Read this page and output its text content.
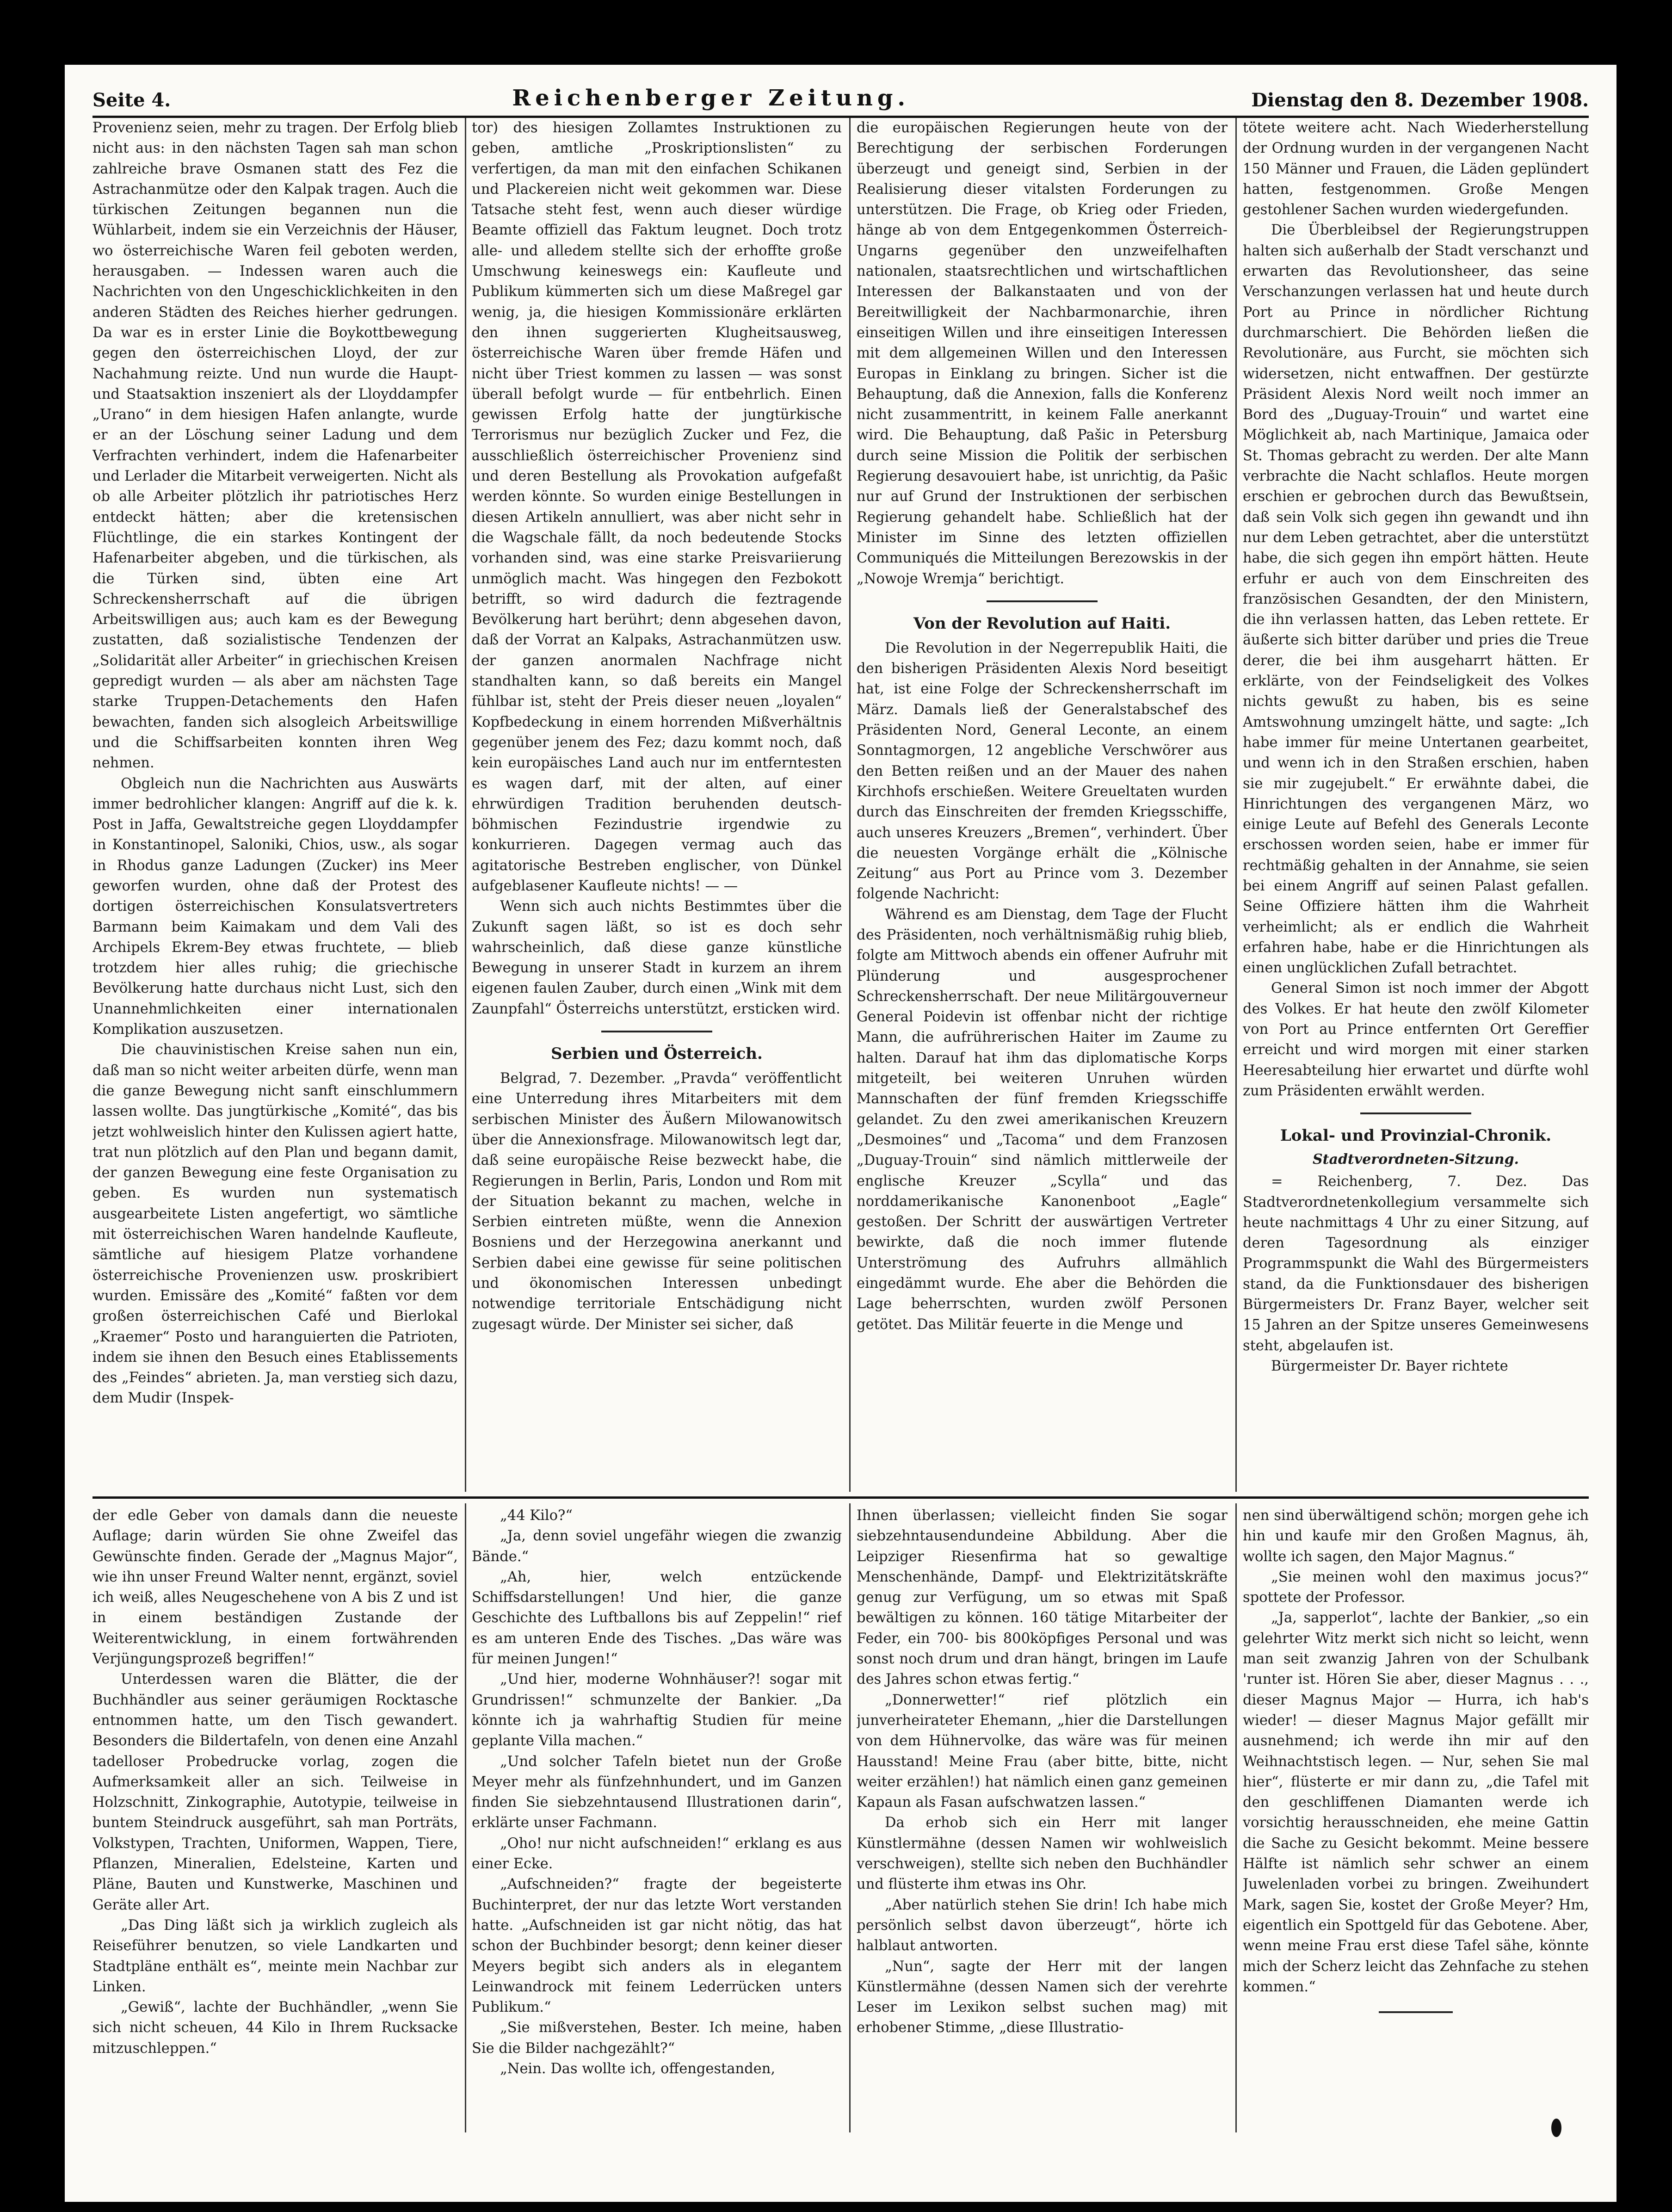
Seite 4.	Reichenberger Zeitung.	Dienstag den 8. Dezember 1908.

Provenienz seien, mehr zu tragen. Der Erfolg blieb nicht aus: in den nächsten Tagen sah man schon zahlreiche brave Osmanen statt des Fez die Astrachanmütze oder den Kalpak tragen. Auch die türkischen Zeitungen begannen nun die Wühlarbeit, indem sie ein Verzeichnis der Häuser, wo österreichische Waren feil geboten werden, herausgaben. — Indessen waren auch die Nachrichten von den Ungeschicklichkeiten in den anderen Städten des Reiches hierher gedrungen. Da war es in erster Linie die Boykottbewegung gegen den österreichischen Lloyd, der zur Nachahmung reizte. Und nun wurde die Haupt- und Staatsaktion inszeniert als der Lloyddampfer „Urano“ in dem hiesigen Hafen anlangte, wurde er an der Löschung seiner Ladung und dem Verfrachten verhindert, indem die Hafenarbeiter und Lerlader die Mitarbeit verweigerten. Nicht als ob alle Arbeiter plötzlich ihr patriotisches Herz entdeckt hätten; aber die kretensischen Flüchtlinge, die ein starkes Kontingent der Hafenarbeiter abgeben, und die türkischen, als die Türken sind, übten eine Art Schreckensherrschaft auf die übrigen Arbeitswilligen aus; auch kam es der Bewegung zustatten, daß sozialistische Tendenzen der „Solidarität aller Arbeiter“ in griechischen Kreisen gepredigt wurden — als aber am nächsten Tage starke Truppen-Detachements den Hafen bewachten, fanden sich alsogleich Arbeitswillige und die Schiffsarbeiten konnten ihren Weg nehmen.

Obgleich nun die Nachrichten aus Auswärts immer bedrohlicher klangen: Angriff auf die k. k. Post in Jaffa, Gewaltstreiche gegen Lloyddampfer in Konstantinopel, Saloniki, Chios, usw., als sogar in Rhodus ganze Ladungen (Zucker) ins Meer geworfen wurden, ohne daß der Protest des dortigen österreichischen Konsulatsvertreters Barmann beim Kaimakam und dem Vali des Archipels Ekrem-Bey etwas fruchtete, — blieb trotzdem hier alles ruhig; die griechische Bevölkerung hatte durchaus nicht Lust, sich den Unannehmlichkeiten einer internationalen Komplikation auszusetzen.

Die chauvinistischen Kreise sahen nun ein, daß man so nicht weiter arbeiten dürfe, wenn man die ganze Bewegung nicht sanft einschlummern lassen wollte. Das jungtürkische „Komité“, das bis jetzt wohlweislich hinter den Kulissen agiert hatte, trat nun plötzlich auf den Plan und begann damit, der ganzen Bewegung eine feste Organisation zu geben. Es wurden nun systematisch ausgearbeitete Listen angefertigt, wo sämtliche mit österreichischen Waren handelnde Kaufleute, sämtliche auf hiesigem Platze vorhandene österreichische Provenienzen usw. proskribiert wurden. Emissäre des „Komité“ faßten vor dem großen österreichischen Café und Bierlokal „Kraemer“ Posto und haranguierten die Patrioten, indem sie ihnen den Besuch eines Etablissements des „Feindes“ abrieten. Ja, man verstieg sich dazu, dem Mudir (Inspek-

tor) des hiesigen Zollamtes Instruktionen zu geben, amtliche „Proskriptionslisten“ zu verfertigen, da man mit den einfachen Schikanen und Plackereien nicht weit gekommen war. Diese Tatsache steht fest, wenn auch dieser würdige Beamte offiziell das Faktum leugnet. Doch trotz alle- und alledem stellte sich der erhoffte große Umschwung keineswegs ein: Kaufleute und Publikum kümmerten sich um diese Maßregel gar wenig, ja, die hiesigen Kommissionäre erklärten den ihnen suggerierten Klugheitsausweg, österreichische Waren über fremde Häfen und nicht über Triest kommen zu lassen — was sonst überall befolgt wurde — für entbehrlich. Einen gewissen Erfolg hatte der jungtürkische Terrorismus nur bezüglich Zucker und Fez, die ausschließlich österreichischer Provenienz sind und deren Bestellung als Provokation aufgefaßt werden könnte. So wurden einige Bestellungen in diesen Artikeln annulliert, was aber nicht sehr in die Wagschale fällt, da noch bedeutende Stocks vorhanden sind, was eine starke Preisvariierung unmöglich macht. Was hingegen den Fezbokott betrifft, so wird dadurch die feztragende Bevölkerung hart berührt; denn abgesehen davon, daß der Vorrat an Kalpaks, Astrachanmützen usw. der ganzen anormalen Nachfrage nicht standhalten kann, so daß bereits ein Mangel fühlbar ist, steht der Preis dieser neuen „loyalen“ Kopfbedeckung in einem horrenden Mißverhältnis gegenüber jenem des Fez; dazu kommt noch, daß kein europäisches Land auch nur im entferntesten es wagen darf, mit der alten, auf einer ehrwürdigen Tradition beruhenden deutsch-böhmischen Fezindustrie irgendwie zu konkurrieren. Dagegen vermag auch das agitatorische Bestreben englischer, von Dünkel aufgeblasener Kaufleute nichts! — —

Wenn sich auch nichts Bestimmtes über die Zukunft sagen läßt, so ist es doch sehr wahrscheinlich, daß diese ganze künstliche Bewegung in unserer Stadt in kurzem an ihrem eigenen faulen Zauber, durch einen „Wink mit dem Zaunpfahl“ Österreichs unterstützt, ersticken wird.

Serbien und Österreich.

Belgrad, 7. Dezember. „Pravda“ veröffentlicht eine Unterredung ihres Mitarbeiters mit dem serbischen Minister des Äußern Milowanowitsch über die Annexionsfrage. Milowanowitsch legt dar, daß seine europäische Reise bezweckt habe, die Regierungen in Berlin, Paris, London und Rom mit der Situation bekannt zu machen, welche in Serbien eintreten müßte, wenn die Annexion Bosniens und der Herzegowina anerkannt und Serbien dabei eine gewisse für seine politischen und ökonomischen Interessen unbedingt notwendige territoriale Entschädigung nicht zugesagt würde. Der Minister sei sicher, daß

die europäischen Regierungen heute von der Berechtigung der serbischen Forderungen überzeugt und geneigt sind, Serbien in der Realisierung dieser vitalsten Forderungen zu unterstützen. Die Frage, ob Krieg oder Frieden, hänge ab von dem Entgegenkommen Österreich-Ungarns gegenüber den unzweifelhaften nationalen, staatsrechtlichen und wirtschaftlichen Interessen der Balkanstaaten und von der Bereitwilligkeit der Nachbarmonarchie, ihren einseitigen Willen und ihre einseitigen Interessen mit dem allgemeinen Willen und den Interessen Europas in Einklang zu bringen. Sicher ist die Behauptung, daß die Annexion, falls die Konferenz nicht zusammentritt, in keinem Falle anerkannt wird. Die Behauptung, daß Pašic in Petersburg durch seine Mission die Politik der serbischen Regierung desavouiert habe, ist unrichtig, da Pašic nur auf Grund der Instruktionen der serbischen Regierung gehandelt habe. Schließlich hat der Minister im Sinne des letzten offiziellen Communiqués die Mitteilungen Berezowskis in der „Nowoje Wremja“ berichtigt.

Von der Revolution auf Haiti.

Die Revolution in der Negerrepublik Haiti, die den bisherigen Präsidenten Alexis Nord beseitigt hat, ist eine Folge der Schreckensherrschaft im März. Damals ließ der Generalstabschef des Präsidenten Nord, General Leconte, an einem Sonntagmorgen, 12 angebliche Verschwörer aus den Betten reißen und an der Mauer des nahen Kirchhofs erschießen. Weitere Greueltaten wurden durch das Einschreiten der fremden Kriegsschiffe, auch unseres Kreuzers „Bremen“, verhindert. Über die neuesten Vorgänge erhält die „Kölnische Zeitung“ aus Port au Prince vom 3. Dezember folgende Nachricht:

Während es am Dienstag, dem Tage der Flucht des Präsidenten, noch verhältnismäßig ruhig blieb, folgte am Mittwoch abends ein offener Aufruhr mit Plünderung und ausgesprochener Schreckensherrschaft. Der neue Militärgouverneur General Poidevin ist offenbar nicht der richtige Mann, die aufrührerischen Haiter im Zaume zu halten. Darauf hat ihm das diplomatische Korps mitgeteilt, bei weiteren Unruhen würden Mannschaften der fünf fremden Kriegsschiffe gelandet. Zu den zwei amerikanischen Kreuzern „Desmoines“ und „Tacoma“ und dem Franzosen „Duguay-Trouin“ sind nämlich mittlerweile der englische Kreuzer „Scylla“ und das norddamerikanische Kanonenboot „Eagle“ gestoßen. Der Schritt der auswärtigen Vertreter bewirkte, daß die noch immer flutende Unterströmung des Aufruhrs allmählich eingedämmt wurde. Ehe aber die Behörden die Lage beherrschten, wurden zwölf Personen getötet. Das Militär feuerte in die Menge und

tötete weitere acht. Nach Wiederherstellung der Ordnung wurden in der vergangenen Nacht 150 Männer und Frauen, die Läden geplündert hatten, festgenommen. Große Mengen gestohlener Sachen wurden wiedergefunden.

Die Überbleibsel der Regierungstruppen halten sich außerhalb der Stadt verschanzt und erwarten das Revolutionsheer, das seine Verschanzungen verlassen hat und heute durch Port au Prince in nördlicher Richtung durchmarschiert. Die Behörden ließen die Revolutionäre, aus Furcht, sie möchten sich widersetzen, nicht entwaffnen. Der gestürzte Präsident Alexis Nord weilt noch immer an Bord des „Duguay-Trouin“ und wartet eine Möglichkeit ab, nach Martinique, Jamaica oder St. Thomas gebracht zu werden. Der alte Mann verbrachte die Nacht schlaflos. Heute morgen erschien er gebrochen durch das Bewußtsein, daß sein Volk sich gegen ihn gewandt und ihn nur dem Leben getrachtet, aber die unterstützt habe, die sich gegen ihn empört hätten. Heute erfuhr er auch von dem Einschreiten des französischen Gesandten, der den Ministern, die ihn verlassen hatten, das Leben rettete. Er äußerte sich bitter darüber und pries die Treue derer, die bei ihm ausgeharrt hätten. Er erklärte, von der Feindseligkeit des Volkes nichts gewußt zu haben, bis es seine Amtswohnung umzingelt hätte, und sagte: „Ich habe immer für meine Untertanen gearbeitet, und wenn ich in den Straßen erschien, haben sie mir zugejubelt.“ Er erwähnte dabei, die Hinrichtungen des vergangenen März, wo einige Leute auf Befehl des Generals Leconte erschossen worden seien, habe er immer für rechtmäßig gehalten in der Annahme, sie seien bei einem Angriff auf seinen Palast gefallen. Seine Offiziere hätten ihm die Wahrheit verheimlicht; als er endlich die Wahrheit erfahren habe, habe er die Hinrichtungen als einen unglücklichen Zufall betrachtet.

General Simon ist noch immer der Abgott des Volkes. Er hat heute den zwölf Kilometer von Port au Prince entfernten Ort Gereffier erreicht und wird morgen mit einer starken Heeresabteilung hier erwartet und dürfte wohl zum Präsidenten erwählt werden.

Lokal- und Provinzial-Chronik.
Stadtverordneten-Sitzung.

= Reichenberg, 7. Dez. Das Stadtverordnetenkollegium versammelte sich heute nachmittags 4 Uhr zu einer Sitzung, auf deren Tagesordnung als einziger Programmspunkt die Wahl des Bürgermeisters stand, da die Funktionsdauer des bisherigen Bürgermeisters Dr. Franz Bayer, welcher seit 15 Jahren an der Spitze unseres Gemeinwesens steht, abgelaufen ist.

Bürgermeister Dr. Bayer richtete

der edle Geber von damals dann die neueste Auflage; darin würden Sie ohne Zweifel das Gewünschte finden. Gerade der „Magnus Major“, wie ihn unser Freund Walter nennt, ergänzt, soviel ich weiß, alles Neugeschehene von A bis Z und ist in einem beständigen Zustande der Weiterentwicklung, in einem fortwährenden Verjüngungsprozeß begriffen!“

Unterdessen waren die Blätter, die der Buchhändler aus seiner geräumigen Rocktasche entnommen hatte, um den Tisch gewandert. Besonders die Bildertafeln, von denen eine Anzahl tadelloser Probedrucke vorlag, zogen die Aufmerksamkeit aller an sich. Teilweise in Holzschnitt, Zinkographie, Autotypie, teilweise in buntem Steindruck ausgeführt, sah man Porträts, Volkstypen, Trachten, Uniformen, Wappen, Tiere, Pflanzen, Mineralien, Edelsteine, Karten und Pläne, Bauten und Kunstwerke, Maschinen und Geräte aller Art.

„Das Ding läßt sich ja wirklich zugleich als Reiseführer benutzen, so viele Landkarten und Stadtpläne enthält es“, meinte mein Nachbar zur Linken.

„Gewiß“, lachte der Buchhändler, „wenn Sie sich nicht scheuen, 44 Kilo in Ihrem Rucksacke mitzuschleppen.“

„44 Kilo?“

„Ja, denn soviel ungefähr wiegen die zwanzig Bände.“

„Ah, hier, welch entzückende Schiffsdarstellungen! Und hier, die ganze Geschichte des Luftballons bis auf Zeppelin!“ rief es am unteren Ende des Tisches. „Das wäre was für meinen Jungen!“

„Und hier, moderne Wohnhäuser?! sogar mit Grundrissen!“ schmunzelte der Bankier. „Da könnte ich ja wahrhaftig Studien für meine geplante Villa machen.“

„Und solcher Tafeln bietet nun der Große Meyer mehr als fünfzehnhundert, und im Ganzen finden Sie siebzehntausend Illustrationen darin“, erklärte unser Fachmann.

„Oho! nur nicht aufschneiden!“ erklang es aus einer Ecke.

„Aufschneiden?“ fragte der begeisterte Buchinterpret, der nur das letzte Wort verstanden hatte. „Aufschneiden ist gar nicht nötig, das hat schon der Buchbinder besorgt; denn keiner dieser Meyers begibt sich anders als in elegantem Leinwandrock mit feinem Lederrücken unters Publikum.“

„Sie mißverstehen, Bester. Ich meine, haben Sie die Bilder nachgezählt?“

„Nein. Das wollte ich, offengestanden,

Ihnen überlassen; vielleicht finden Sie sogar siebzehntausendundeine Abbildung. Aber die Leipziger Riesenfirma hat so gewaltige Menschenhände, Dampf- und Elektrizitätskräfte genug zur Verfügung, um so etwas mit Spaß bewältigen zu können. 160 tätige Mitarbeiter der Feder, ein 700- bis 800köpfiges Personal und was sonst noch drum und dran hängt, bringen im Laufe des Jahres schon etwas fertig.“

„Donnerwetter!“ rief plötzlich ein junverheirateter Ehemann, „hier die Darstellungen von dem Hühnervolke, das wäre was für meinen Hausstand! Meine Frau (aber bitte, bitte, nicht weiter erzählen!) hat nämlich einen ganz gemeinen Kapaun als Fasan aufschwatzen lassen.“

Da erhob sich ein Herr mit langer Künstlermähne (dessen Namen wir wohlweislich verschweigen), stellte sich neben den Buchhändler und flüsterte ihm etwas ins Ohr.

„Aber natürlich stehen Sie drin! Ich habe mich persönlich selbst davon überzeugt“, hörte ich halblaut antworten.

„Nun“, sagte der Herr mit der langen Künstlermähne (dessen Namen sich der verehrte Leser im Lexikon selbst suchen mag) mit erhobener Stimme, „diese Illustratio-

nen sind überwältigend schön; morgen gehe ich hin und kaufe mir den Großen Magnus, äh, wollte ich sagen, den Major Magnus.“

„Sie meinen wohl den maximus jocus?“ spottete der Professor.

„Ja, sapperlot“, lachte der Bankier, „so ein gelehrter Witz merkt sich nicht so leicht, wenn man seit zwanzig Jahren von der Schulbank 'runter ist. Hören Sie aber, dieser Magnus . . ., dieser Magnus Major — Hurra, ich hab's wieder! — dieser Magnus Major gefällt mir ausnehmend; ich werde ihn mir auf den Weihnachtstisch legen. — Nur, sehen Sie mal hier“, flüsterte er mir dann zu, „die Tafel mit den geschliffenen Diamanten werde ich vorsichtig herausschneiden, ehe meine Gattin die Sache zu Gesicht bekommt. Meine bessere Hälfte ist nämlich sehr schwer an einem Juwelenladen vorbei zu bringen. Zweihundert Mark, sagen Sie, kostet der Große Meyer? Hm, eigentlich ein Spottgeld für das Gebotene. Aber, wenn meine Frau erst diese Tafel sähe, könnte mich der Scherz leicht das Zehnfache zu stehen kommen.“
